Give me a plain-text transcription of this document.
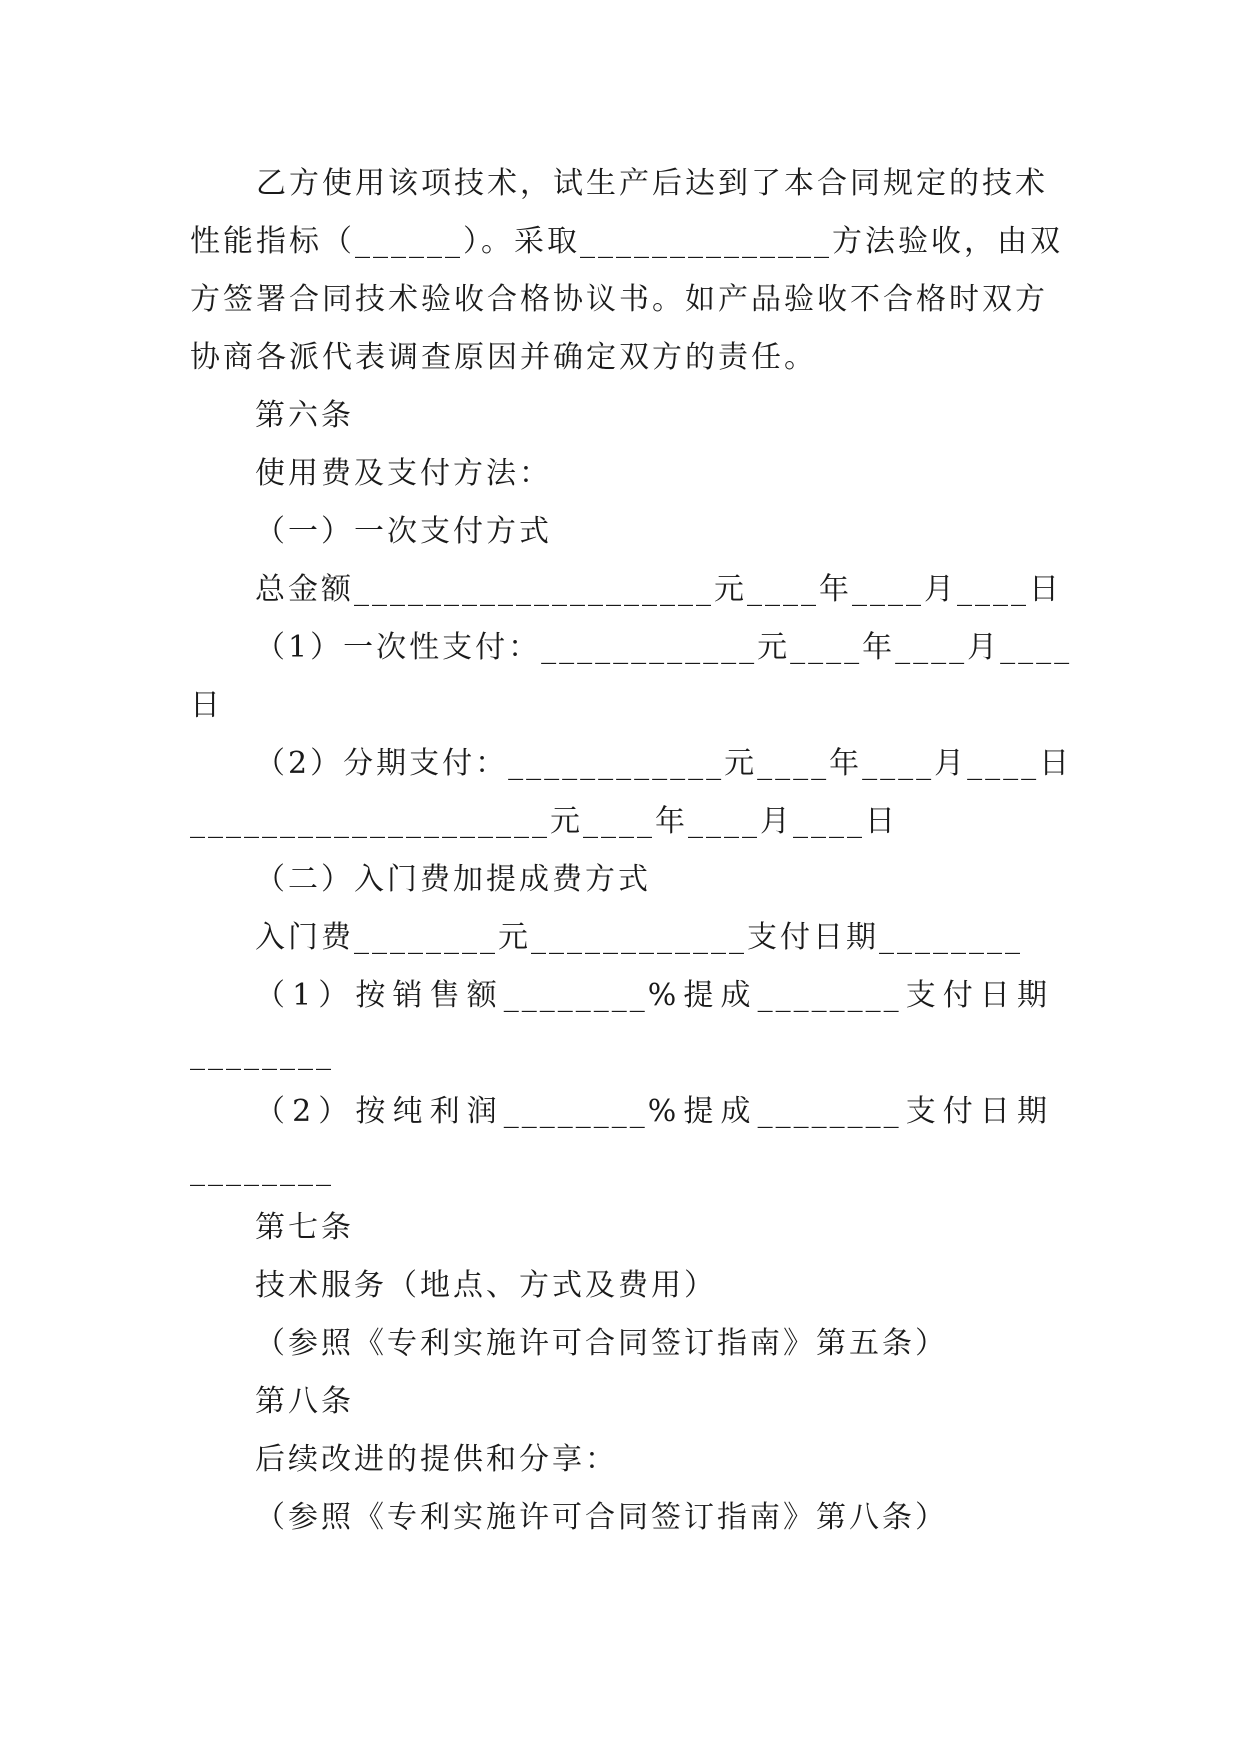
　　乙方使用该项技术，试生产后达到了本合同规定的技术

性能指标（______）。采取______________方法验收，由双

方签署合同技术验收合格协议书。如产品验收不合格时双方

协商各派代表调查原因并确定双方的责任。

第六条

使用费及支付方法：

（一）一次支付方式

总金额____________________元____年____月____日

（1）一次性支付：____________元____年____月____

日

（2）分期支付：____________元____年____月____日

____________________元____年____月____日

（二）入门费加提成费方式

入门费________元____________支付日期________

（1）按销售额________%提成________支付日期

________

（2）按纯利润________%提成________支付日期

________

第七条

技术服务（地点、方式及费用）

（参照《专利实施许可合同签订指南》第五条）

第八条

后续改进的提供和分享：

（参照《专利实施许可合同签订指南》第八条）
